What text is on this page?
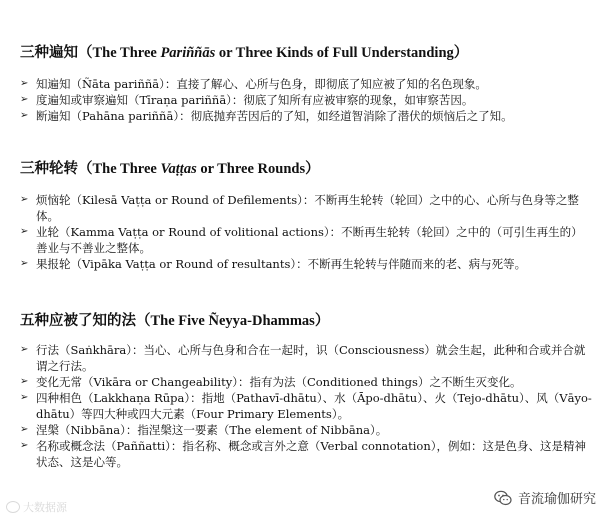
三种遍知（The Three Pariññās or Three Kinds of Full Understanding）
➢ 知遍知（Ñāta pariññā）：直接了解心、心所与色身，即彻底了知应被了知的名色现象。
➢ 度遍知或审察遍知（Tīraṇa pariññā）：彻底了知所有应被审察的现象，如审察苦因。
➢ 断遍知（Pahāna pariññā）：彻底抛弃苦因后的了知，如经道智消除了潜伏的烦恼后之了知。
三种轮转（The Three Vaṭṭas or Three Rounds）
➢ 烦恼轮（Kilesā Vaṭṭa or Round of Defilements）：不断再生轮转（轮回）之中的心、心所与色身等之整体。
➢ 业轮（Kamma Vaṭṭa or Round of volitional actions）：不断再生轮转（轮回）之中的（可引生再生的）善业与不善业之整体。
➢ 果报轮（Vipāka Vaṭṭa or Round of resultants）：不断再生轮转与伴随而来的老、病与死等。
五种应被了知的法（The Five Ñeyya-Dhammas）
➢ 行法（Saṅkhāra）：当心、心所与色身和合在一起时，识（Consciousness）就会生起，此种和合或并合就谓之行法。
➢ 变化无常（Vikāra or Changeability）：指有为法（Conditioned things）之不断生灭变化。
➢ 四种相色（Lakkhaṇa Rūpa）：指地（Pathavī-dhātu）、水（Āpo-dhātu）、火（Tejo-dhātu）、风（Vāyo-dhātu）等四大种或四大元素（Four Primary Elements）。
➢ 涅槃（Nibbāna）：指涅槃这一要素（The element of Nibbāna）。
➢ 名称或概念法（Paññatti）：指名称、概念或言外之意（Verbal connotation），例如：这是色身、这是精神状态、这是心等。
大数据源
音流瑜伽研究
